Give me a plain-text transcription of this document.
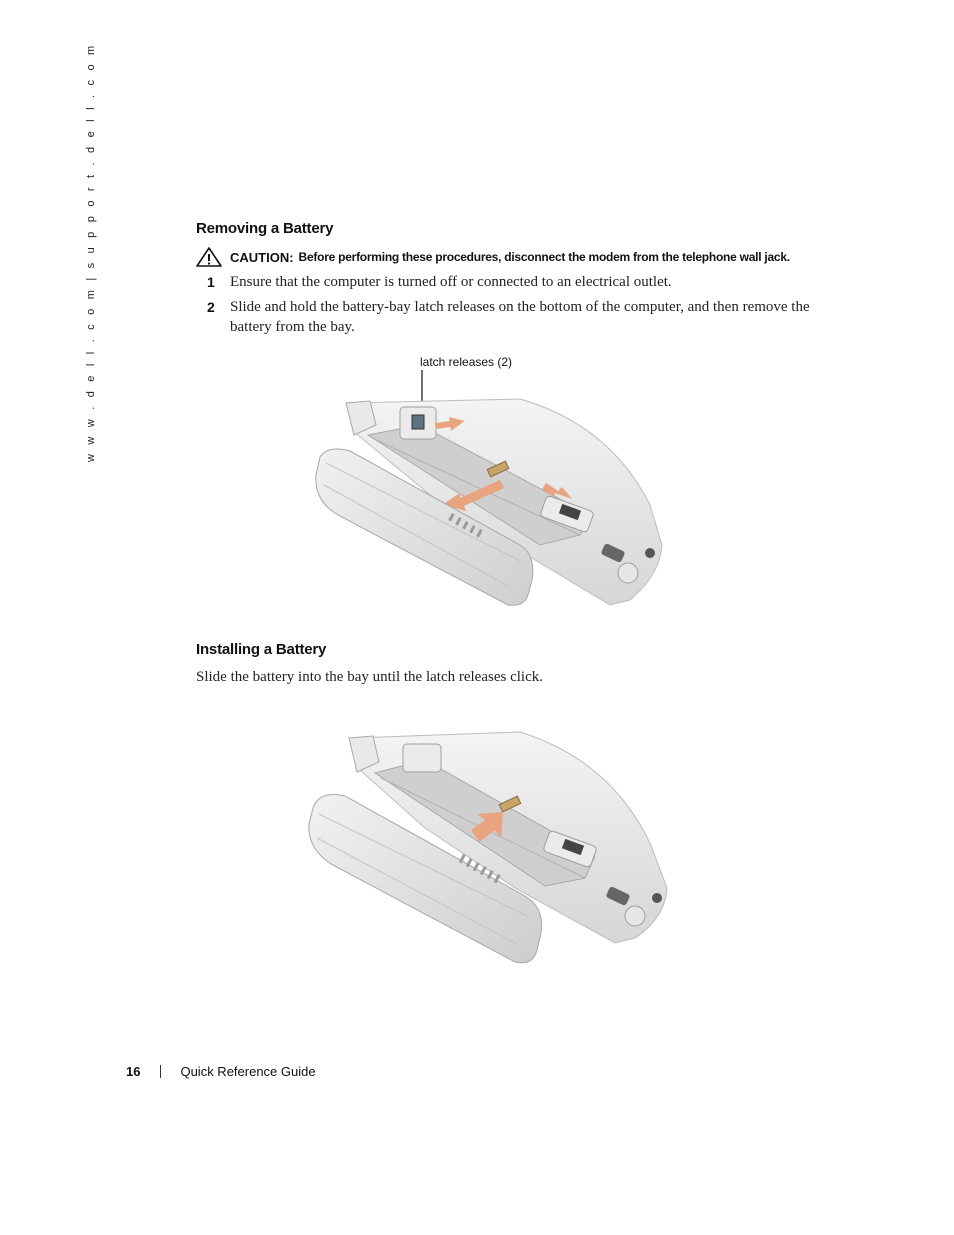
w w w . d e l l . c o m | s u p p o r t . d e l l . c o m	Removing a Battery
CAUTION: Before performing these procedures, disconnect the modem from the telephone wall jack.
1 Ensure that the computer is turned off or connected to an electrical outlet.
2 Slide and hold the battery-bay latch releases on the bottom of the computer, and then remove the battery from the bay.
latch releases (2)
Installing a Battery
Slide the battery into the bay until the latch releases click.
16	Quick Reference Guide
